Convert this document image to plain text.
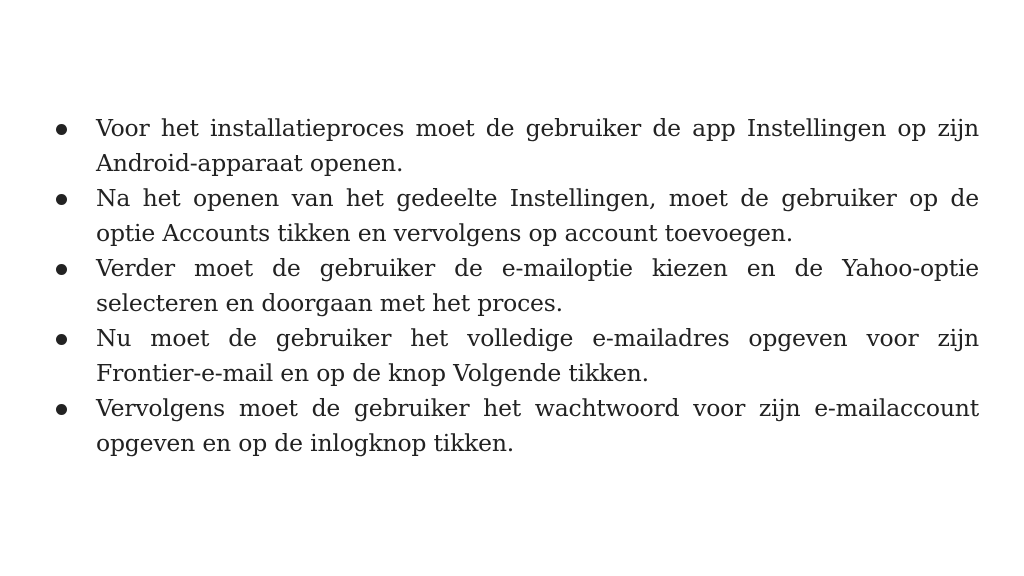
Voor het installatieproces moet de gebruiker de app Instellingen op zijn Android-apparaat openen.
Na het openen van het gedeelte Instellingen, moet de gebruiker op de optie Accounts tikken en vervolgens op account toevoegen.
Verder moet de gebruiker de e-mailoptie kiezen en de Yahoo-optie selecteren en doorgaan met het proces.
Nu moet de gebruiker het volledige e-mailadres opgeven voor zijn Frontier-e-mail en op de knop Volgende tikken.
Vervolgens moet de gebruiker het wachtwoord voor zijn e-mailaccount opgeven en op de inlogknop tikken.
